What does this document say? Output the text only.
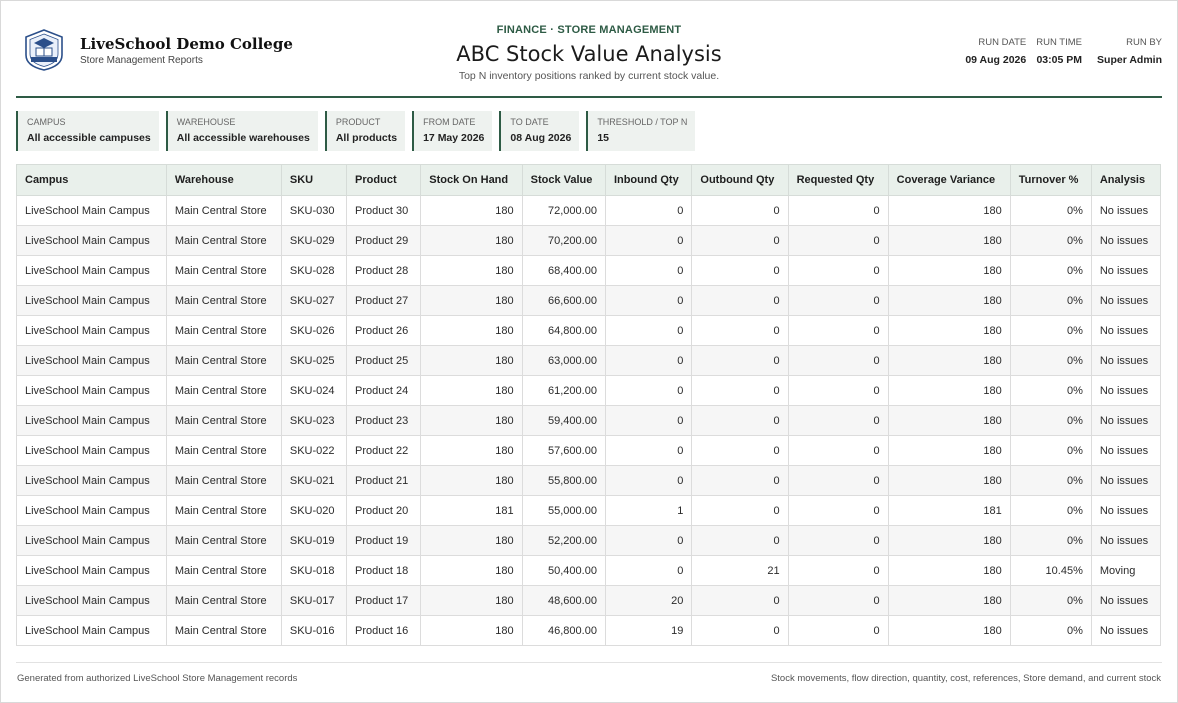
LiveSchool Demo College
Store Management Reports
FINANCE · STORE MANAGEMENT
ABC Stock Value Analysis
Top N inventory positions ranked by current stock value.
RUN DATE
09 Aug 2026
RUN TIME
03:05 PM
RUN BY
Super Admin
CAMPUS
All accessible campuses
WAREHOUSE
All accessible warehouses
PRODUCT
All products
FROM DATE
17 May 2026
TO DATE
08 Aug 2026
THRESHOLD / TOP N
15
Campus	Warehouse	SKU	Product	Stock On Hand	Stock Value	Inbound Qty	Outbound Qty	Requested Qty	Coverage Variance	Turnover %	Analysis
LiveSchool Main Campus	Main Central Store	SKU-030	Product 30	180	72,000.00	0	0	0	180	0%	No issues
LiveSchool Main Campus	Main Central Store	SKU-029	Product 29	180	70,200.00	0	0	0	180	0%	No issues
LiveSchool Main Campus	Main Central Store	SKU-028	Product 28	180	68,400.00	0	0	0	180	0%	No issues
LiveSchool Main Campus	Main Central Store	SKU-027	Product 27	180	66,600.00	0	0	0	180	0%	No issues
LiveSchool Main Campus	Main Central Store	SKU-026	Product 26	180	64,800.00	0	0	0	180	0%	No issues
LiveSchool Main Campus	Main Central Store	SKU-025	Product 25	180	63,000.00	0	0	0	180	0%	No issues
LiveSchool Main Campus	Main Central Store	SKU-024	Product 24	180	61,200.00	0	0	0	180	0%	No issues
LiveSchool Main Campus	Main Central Store	SKU-023	Product 23	180	59,400.00	0	0	0	180	0%	No issues
LiveSchool Main Campus	Main Central Store	SKU-022	Product 22	180	57,600.00	0	0	0	180	0%	No issues
LiveSchool Main Campus	Main Central Store	SKU-021	Product 21	180	55,800.00	0	0	0	180	0%	No issues
LiveSchool Main Campus	Main Central Store	SKU-020	Product 20	181	55,000.00	1	0	0	181	0%	No issues
LiveSchool Main Campus	Main Central Store	SKU-019	Product 19	180	52,200.00	0	0	0	180	0%	No issues
LiveSchool Main Campus	Main Central Store	SKU-018	Product 18	180	50,400.00	0	21	0	180	10.45%	Moving
LiveSchool Main Campus	Main Central Store	SKU-017	Product 17	180	48,600.00	20	0	0	180	0%	No issues
LiveSchool Main Campus	Main Central Store	SKU-016	Product 16	180	46,800.00	19	0	0	180	0%	No issues
Generated from authorized LiveSchool Store Management records	Stock movements, flow direction, quantity, cost, references, Store demand, and current stock
